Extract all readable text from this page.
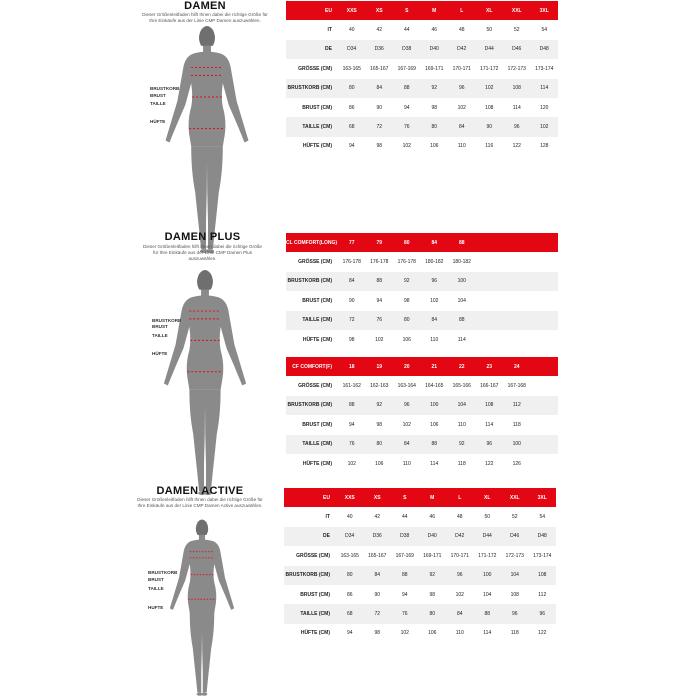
DAMEN
Dieser Größenleitfaden hilft Ihnen dabei die richtige Größe für Ihre Einkäufe aus der Linie CMP Damen auszuwählen.
BRUSTKORB
BRUST
TAILLE
HÜFTE
EU	XXS	XS	S	M	L	XL	XXL	3XL
IT	40	42	44	46	48	50	52	54
DE	D34	D36	D38	D40	D42	D44	D46	D48
GRÖSSE (CM)	163-165	165-167	167-169	169-171	170-171	171-172	172-173	173-174
BRUSTKORB (CM)	80	84	88	92	96	102	108	114
BRUST (CM)	86	90	94	98	102	108	114	120
TAILLE (CM)	68	72	76	80	84	90	96	102
HÜFTE (CM)	94	98	102	106	110	116	122	128
DAMEN PLUS
Dieser Größenleitfaden hilft Ihnen dabei die richtige Größe für Ihre Einkäufe aus der Linie CMP Damen Plus auszuwählen.
BRUSTKORB
BRUST
TAILLE
HÜFTE
CL COMFORT(LONG)	77	79	80	84	88	
GRÖSSE (CM)	176-178	176-178	176-178	180-182	180-182	
BRUSTKORB (CM)	84	88	92	96	100	
BRUST (CM)	90	94	98	102	104	
TAILLE (CM)	72	76	80	84	88	
HÜFTE (CM)	98	102	106	110	114	
CF COMFORT(F)	18	19	20	21	22	23	24	
GRÖSSE (CM)	161-162	162-163	163-164	164-165	165-166	166-167	167-168	
BRUSTKORB (CM)	88	92	96	100	104	108	112	
BRUST (CM)	94	98	102	106	110	114	118	
TAILLE (CM)	76	80	84	88	92	96	100	
HÜFTE (CM)	102	106	110	114	118	122	126	
DAMEN ACTIVE
Dieser Größenleitfaden hilft Ihnen dabei die richtige Größe für Ihre Einkäufe aus der Linie CMP Damen Active auszuwählen.
BRUSTKORB
BRUST
TAILLE
HUFTE
EU	XXS	XS	S	M	L	XL	XXL	3XL
IT	40	42	44	46	48	50	52	54
DE	D34	D36	D38	D40	D42	D44	D46	D48
GRÖSSE (CM)	163-165	165-167	167-169	169-171	170-171	171-172	172-173	173-174
BRUSTKORB (CM)	80	84	88	92	96	100	104	108
BRUST (CM)	86	90	94	98	102	104	108	112
TAILLE (CM)	68	72	76	80	84	88	96	96
HÜFTE (CM)	94	98	102	106	110	114	118	122
